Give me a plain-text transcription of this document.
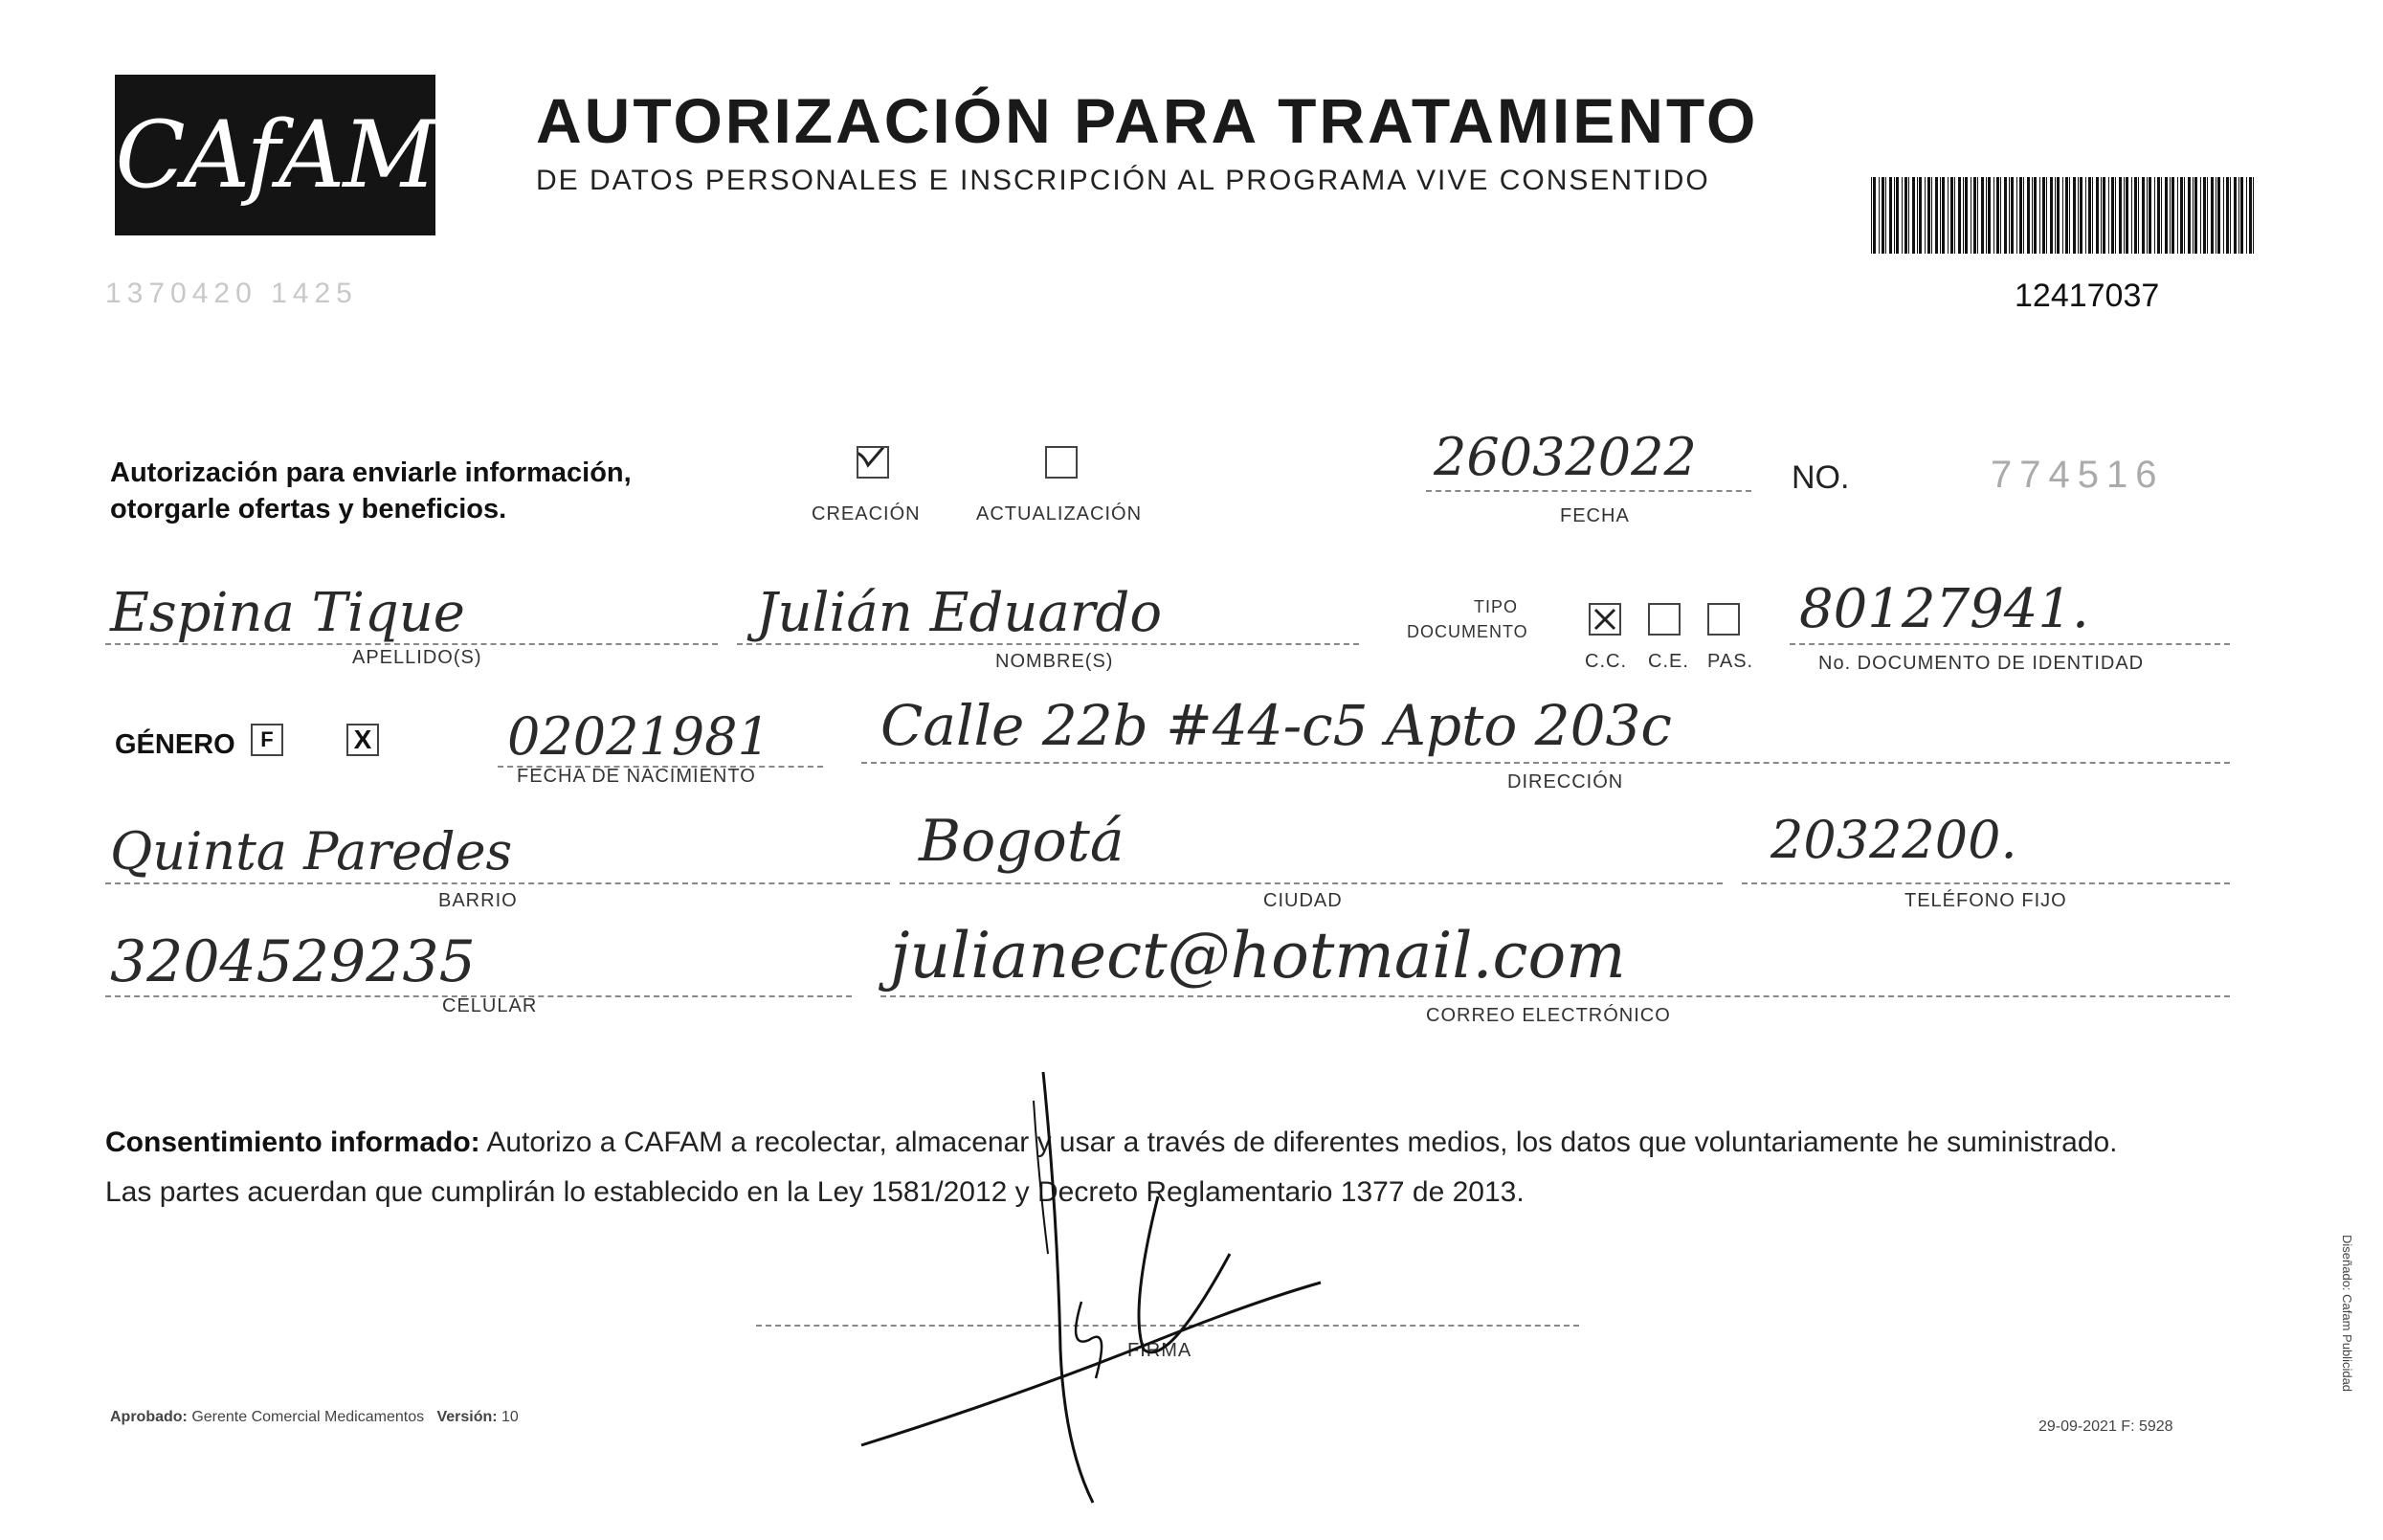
CAfAM AUTORIZACIÓN PARA TRATAMIENTO
DE DATOS PERSONALES E INSCRIPCIÓN AL PROGRAMA VIVE CONSENTIDO
1370420 1425	12417037
Autorización para enviarle información,
otorgarle ofertas y beneficios.	CREACIÓN	ACTUALIZACIÓN
26032022
FECHA
NO.	774516
Espina Tique
APELLIDO(S)
Julián Eduardo
NOMBRE(S)
TIPO
DOCUMENTO
C.C. C.E. PAS.
80127941.
No. DOCUMENTO DE IDENTIDAD
GÉNERO	F	X	02021981
FECHA DE NACIMIENTO
Calle 22b #44-c5 Apto 203c
DIRECCIÓN
Quinta Paredes
BARRIO
Bogotá
CIUDAD
2032200.
TELÉFONO FIJO
3204529235
CELULAR
julianect@hotmail.com
CORREO ELECTRÓNICO
Consentimiento informado: Autorizo a CAFAM a recolectar, almacenar y usar a través de diferentes medios, los datos que voluntariamente he suministrado.
Las partes acuerdan que cumplirán lo establecido en la Ley 1581/2012 y Decreto Reglamentario 1377 de 2013.
FIRMA
Aprobado: Gerente Comercial Medicamentos Versión: 10
29-09-2021 F: 5928
Diseñado: Cafam Publicidad
